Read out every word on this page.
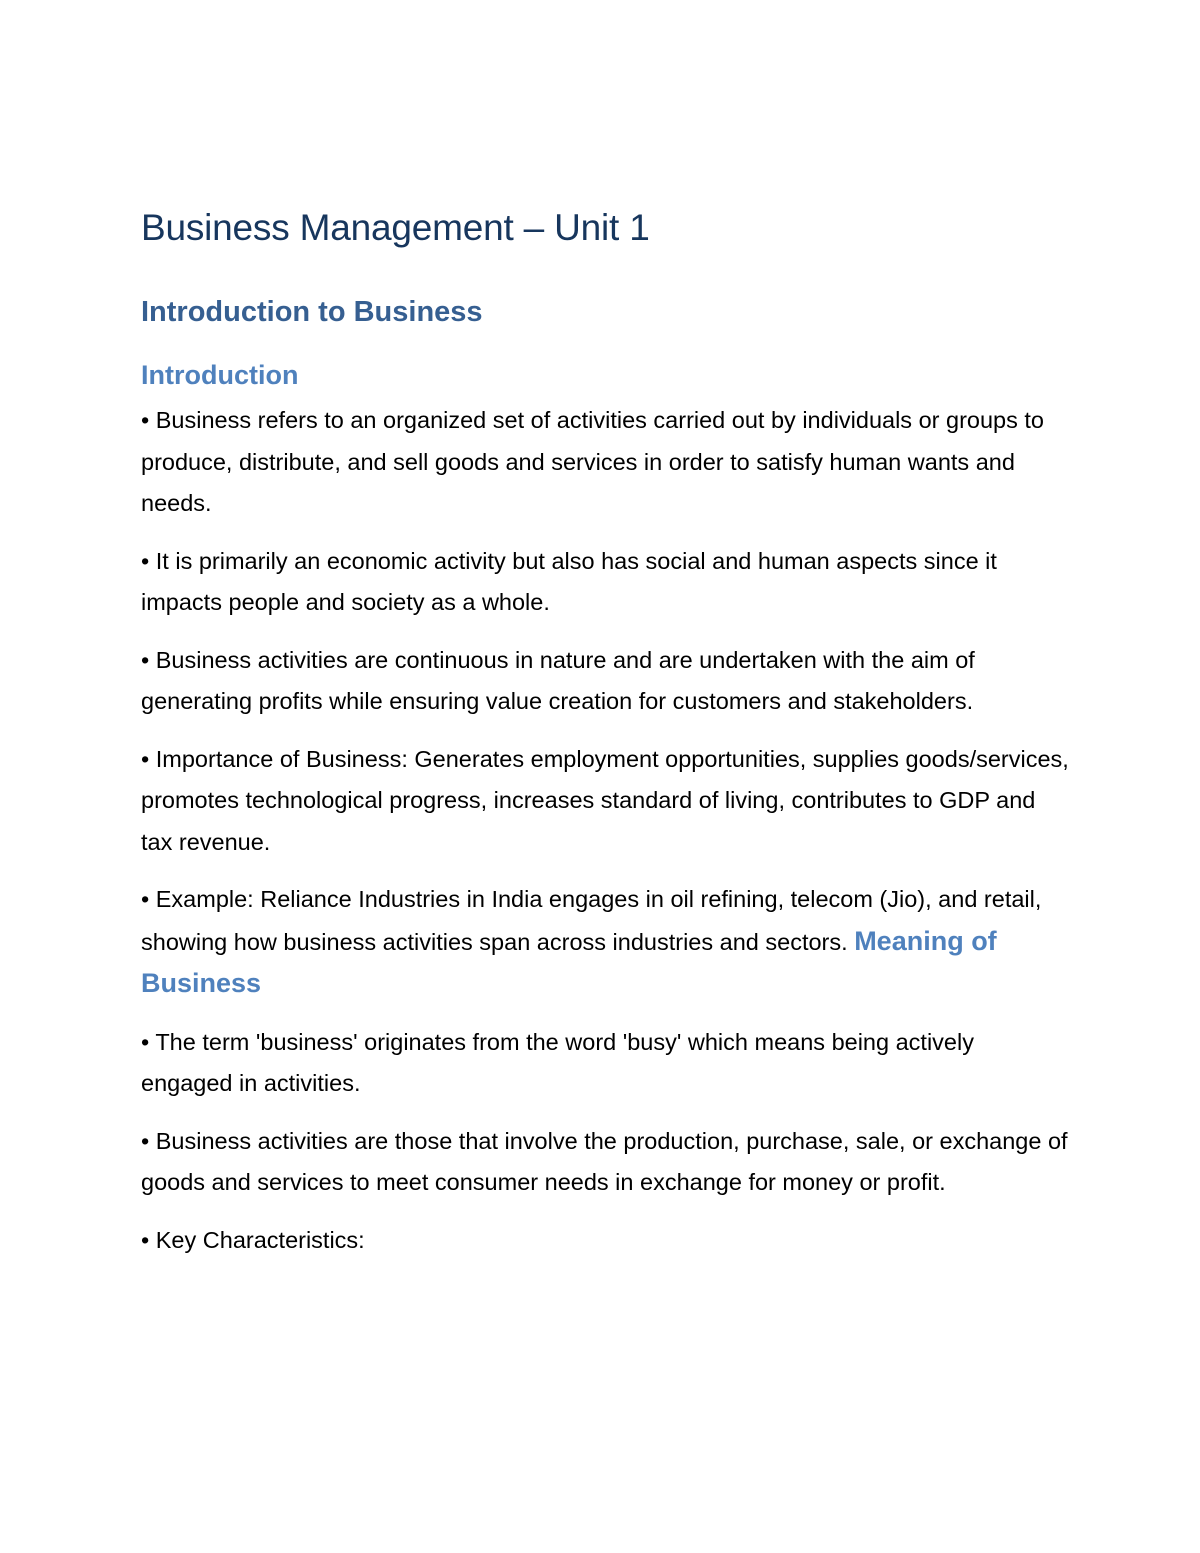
Business Management – Unit 1
Introduction to Business
Introduction

• Business refers to an organized set of activities carried out by individuals or groups to produce, distribute, and sell goods and services in order to satisfy human wants and needs.

• It is primarily an economic activity but also has social and human aspects since it impacts people and society as a whole.

• Business activities are continuous in nature and are undertaken with the aim of generating profits while ensuring value creation for customers and stakeholders.

• Importance of Business: Generates employment opportunities, supplies goods/services, promotes technological progress, increases standard of living, contributes to GDP and tax revenue.

• Example: Reliance Industries in India engages in oil refining, telecom (Jio), and retail, showing how business activities span across industries and sectors. Meaning of Business

• The term 'business' originates from the word 'busy' which means being actively engaged in activities.

• Business activities are those that involve the production, purchase, sale, or exchange of goods and services to meet consumer needs in exchange for money or profit.

• Key Characteristics:
